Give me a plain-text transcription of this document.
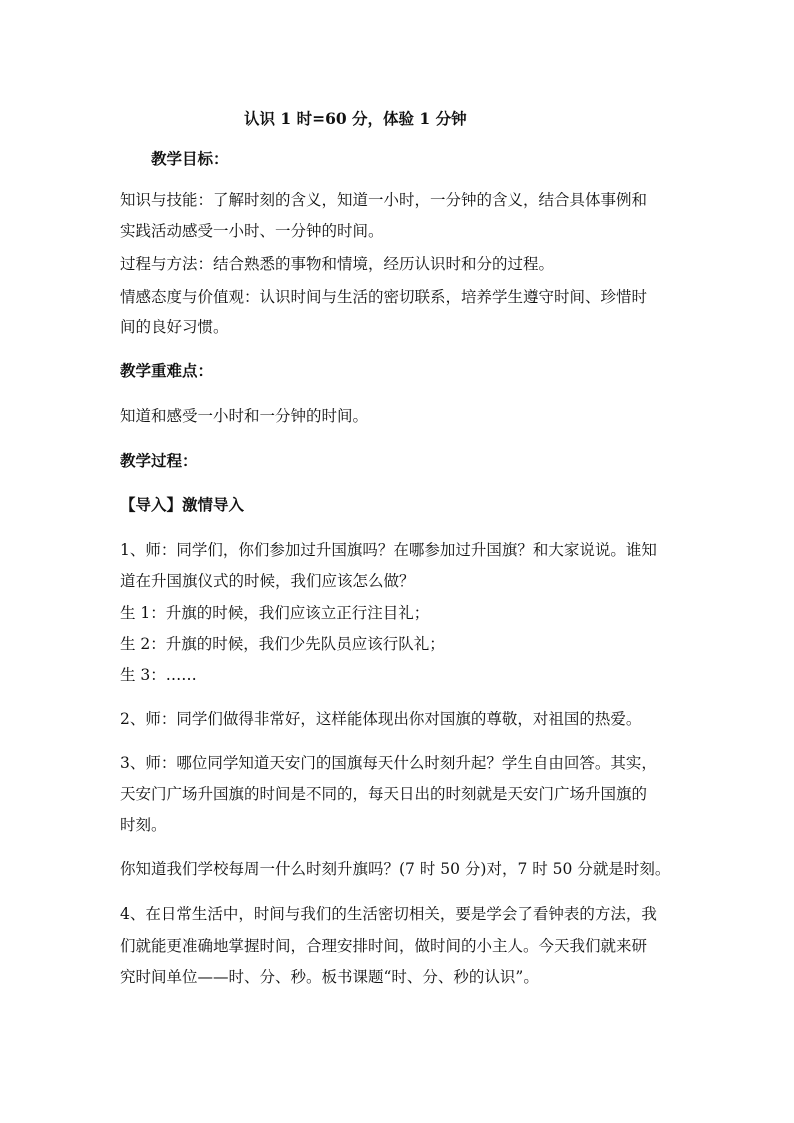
认识 1 时=60 分，体验 1 分钟
教学目标：
知识与技能：了解时刻的含义，知道一小时，一分钟的含义，结合具体事例和
实践活动感受一小时、一分钟的时间。
过程与方法：结合熟悉的事物和情境，经历认识时和分的过程。
情感态度与价值观：认识时间与生活的密切联系，培养学生遵守时间、珍惜时
间的良好习惯。
教学重难点：
知道和感受一小时和一分钟的时间。
教学过程：
【导入】激情导入
1、师：同学们，你们参加过升国旗吗？在哪参加过升国旗？和大家说说。谁知
道在升国旗仪式的时候，我们应该怎么做？
生 1：升旗的时候，我们应该立正行注目礼；
生 2：升旗的时候，我们少先队员应该行队礼；
生 3：……
2、师：同学们做得非常好，这样能体现出你对国旗的尊敬，对祖国的热爱。
3、师：哪位同学知道天安门的国旗每天什么时刻升起？学生自由回答。其实，
天安门广场升国旗的时间是不同的，每天日出的时刻就是天安门广场升国旗的
时刻。
你知道我们学校每周一什么时刻升旗吗？(7 时 50 分)对，7 时 50 分就是时刻。
4、在日常生活中，时间与我们的生活密切相关，要是学会了看钟表的方法，我
们就能更准确地掌握时间，合理安排时间，做时间的小主人。今天我们就来研
究时间单位——时、分、秒。板书课题“时、分、秒的认识”。
